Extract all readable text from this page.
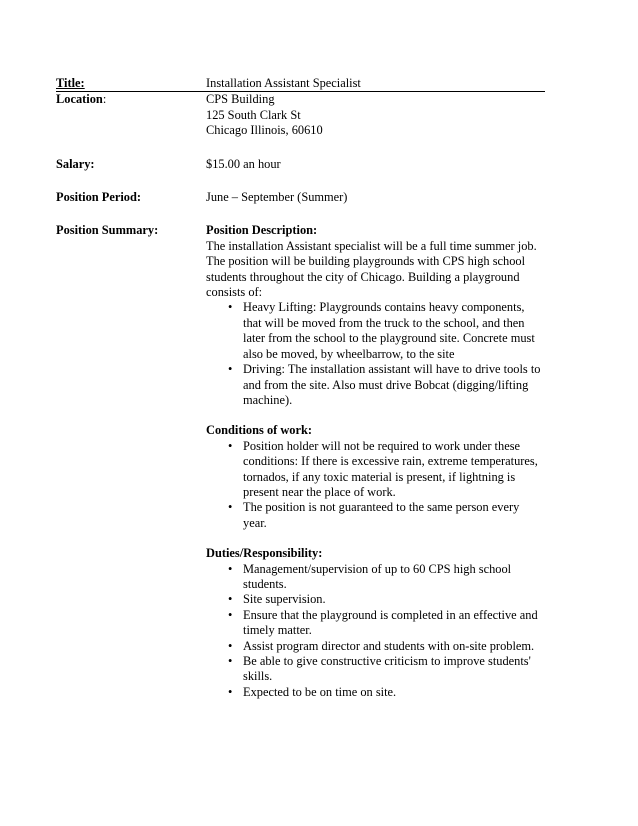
Title:	Installation Assistant Specialist
Location:	CPS Building
125 South Clark St
Chicago Illinois, 60610
Salary:	$15.00 an hour
Position Period:	June – September (Summer)
Position Summary:	Position Description:
The installation Assistant specialist will be a full time summer job. The position will be building playgrounds with CPS high school students throughout the city of Chicago. Building a playground consists of:
• Heavy Lifting: Playgrounds contains heavy components, that will be moved from the truck to the school, and then later from the school to the playground site. Concrete must also be moved, by wheelbarrow, to the site
• Driving: The installation assistant will have to drive tools to and from the site. Also must drive Bobcat (digging/lifting machine).
Conditions of work:
• Position holder will not be required to work under these conditions: If there is excessive rain, extreme temperatures, tornados, if any toxic material is present, if lightning is present near the place of work.
• The position is not guaranteed to the same person every year.
Duties/Responsibility:
• Management/supervision of up to 60 CPS high school students.
• Site supervision.
• Ensure that the playground is completed in an effective and timely matter.
• Assist program director and students with on-site problem.
• Be able to give constructive criticism to improve students' skills.
• Expected to be on time on site.
